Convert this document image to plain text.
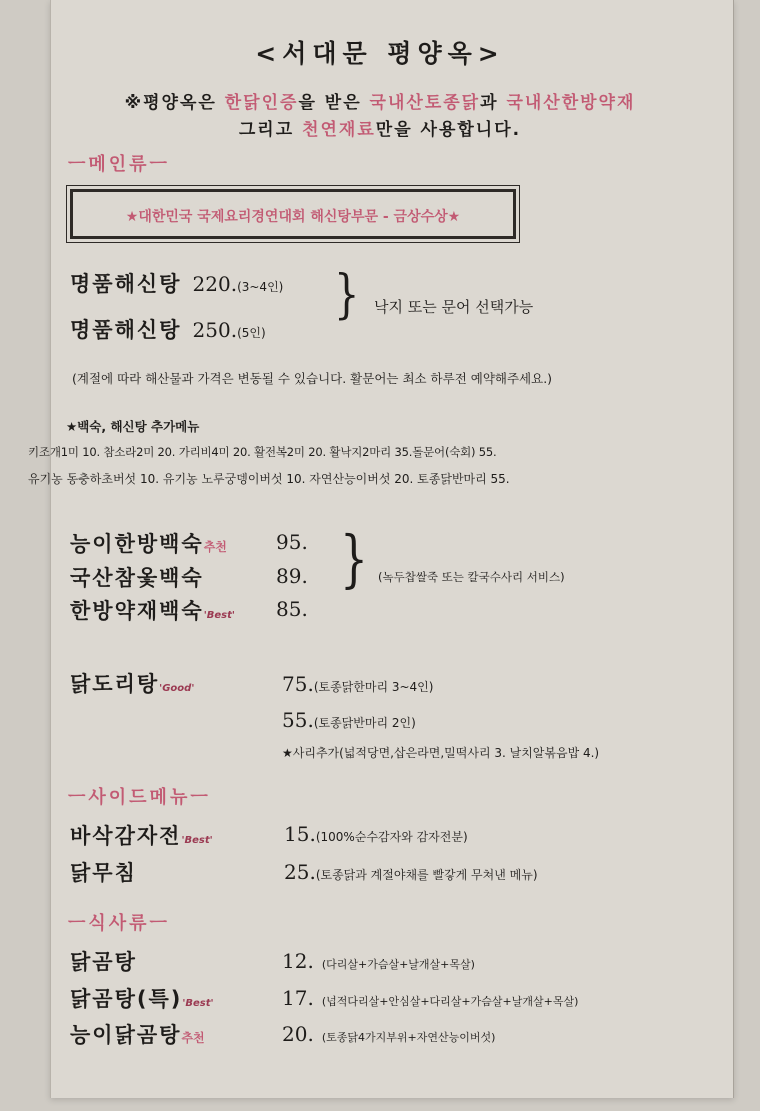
<서대문 평양옥>
※평양옥은 한닭인증을 받은 국내산토종닭과 국내산한방약재
그리고 천연재료만을 사용합니다.
ㅡ메인류ㅡ
★대한민국 국제요리경연대회 해신탕부문 - 금상수상★
명품해신탕 220.(3~4인)
명품해신탕 250.(5인)
} 낙지 또는 문어 선택가능
(계절에 따라 해산물과 가격은 변동될 수 있습니다. 활문어는 최소 하루전 예약해주세요.)
★백숙, 해신탕 추가메뉴
키조개1미 10. 참소라2미 20. 가리비4미 20. 활전복2미 20. 활낙지2마리 35.돌문어(숙회) 55.
유기농 동충하초버섯 10. 유기농 노루궁뎅이버섯 10. 자연산능이버섯 20. 토종닭반마리 55.
능이한방백숙추천 95.
국산참옻백숙	89.
한방약재백숙'Best' 85.
} (녹두찹쌀죽 또는 칼국수사리 서비스)
닭도리탕'Good'	75.(토종닭한마리 3~4인)
55.(토종닭반마리 2인)
★사리추가(넓적당면,삽은라면,밀떡사리 3. 날치알볶음밥 4.)
ㅡ사이드메뉴ㅡ
바삭감자전'Best'	15.(100%순수감자와 감자전분)
닭무침	25.(토종닭과 계절야채를 빨갛게 무쳐낸 메뉴)
ㅡ식사류ㅡ
닭곰탕	12. (다리살+가슴살+날개살+목살)
닭곰탕(특)'Best'	17. (넙적다리살+안심살+다리살+가슴살+날개살+목살)
능이닭곰탕추천	20. (토종닭4가지부위+자연산능이버섯)
